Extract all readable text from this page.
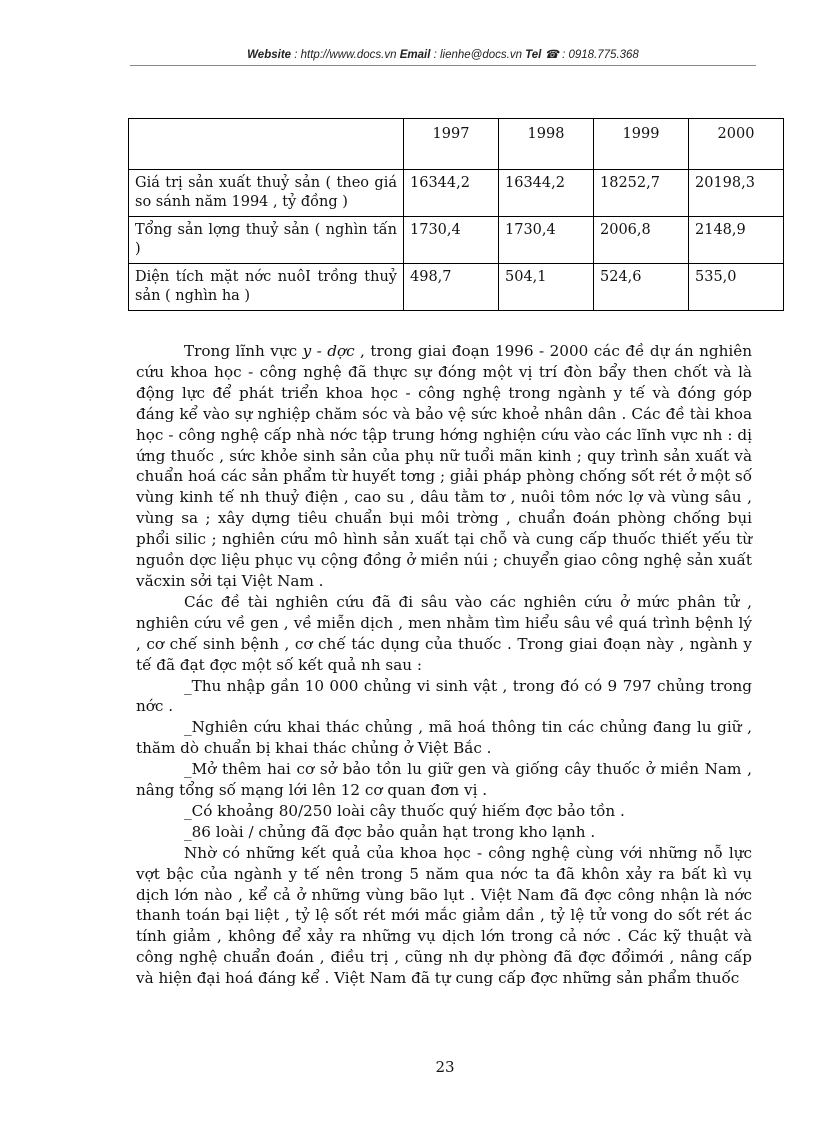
Website : http://www.docs.vn Email : lienhe@docs.vn Tel ☎ : 0918.775.368
	1997	1998	1999	2000
Giá trị sản xuất thuỷ sản ( theo giá so sánh năm 1994 , tỷ đồng )	16344,2	16344,2	18252,7	20198,3
Tổng sản lợng thuỷ sản ( nghìn tấn )	1730,4	1730,4	2006,8	2148,9
Diện tích mặt nớc nuôI trồng thuỷ sản ( nghìn ha )	498,7	504,1	524,6	535,0

Trong lĩnh vực y - dợc , trong giai đoạn 1996 - 2000 các đề dự án nghiên cứu khoa học - công nghệ đã thực sự đóng một vị trí đòn bẩy then chốt và là động lực để phát triển khoa học - công nghệ trong ngành y tế và đóng góp đáng kể vào sự nghiệp chăm sóc và bảo vệ sức khoẻ nhân dân . Các đề tài khoa học - công nghệ cấp nhà nớc tập trung hớng nghiện cứu vào các lĩnh vực nh : dị ứng thuốc , sức khỏe sinh sản của phụ nữ tuổi mãn kinh ; quy trình sản xuất và chuẩn hoá các sản phẩm từ huyết tơng ; giải pháp phòng chống sốt rét ở một số vùng kinh tế nh thuỷ điện , cao su , dâu tằm tơ , nuôi tôm nớc lợ và vùng sâu , vùng sa ; xây dựng tiêu chuẩn bụi môi trờng , chuẩn đoán phòng chống bụi phổi silic ; nghiên cứu mô hình sản xuất tại chỗ và cung cấp thuốc thiết yếu từ nguồn dợc liệu phục vụ cộng đồng ở miền núi ; chuyển giao công nghệ sản xuất văcxin sởi tại Việt Nam .

Các đề tài nghiên cứu đã đi sâu vào các nghiên cứu ở mức phân tử , nghiên cứu về gen , về miễn dịch , men nhằm tìm hiểu sâu về quá trình bệnh lý , cơ chế sinh bệnh , cơ chế tác dụng của thuốc . Trong giai đoạn này , ngành y tế đã đạt đợc một số kết quả nh sau :

_Thu nhập gần 10 000 chủng vi sinh vật , trong đó có 9 797 chủng trong nớc .

_Nghiên cứu khai thác chủng , mã hoá thông tin các chủng đang lu giữ , thăm dò chuẩn bị khai thác chủng ở Việt Bắc .

_Mở thêm hai cơ sở bảo tồn lu giữ gen và giống cây thuốc ở miền Nam , nâng tổng số mạng lới lên 12 cơ quan đơn vị .

_Có khoảng 80/250 loài cây thuốc quý hiếm đợc bảo tồn .

_86 loài / chủng đã đợc bảo quản hạt trong kho lạnh .

Nhờ có những kết quả của khoa học - công nghệ cùng với những nỗ lực vợt bậc của ngành y tế nên trong 5 năm qua nớc ta đã khôn xảy ra bất kì vụ dịch lớn nào , kể cả ở những vùng bão lụt . Việt Nam đã đợc công nhận là nớc thanh toán bại liệt , tỷ lệ sốt rét mới mắc giảm dần , tỷ lệ tử vong do sốt rét ác tính giảm , không để xảy ra những vụ dịch lớn trong cả nớc . Các kỹ thuật và công nghệ chuẩn đoán , điều trị , cũng nh dự phòng đã đợc đổimới , nâng cấp và hiện đại hoá đáng kể . Việt Nam đã tự cung cấp đợc những sản phẩm thuốc

23
